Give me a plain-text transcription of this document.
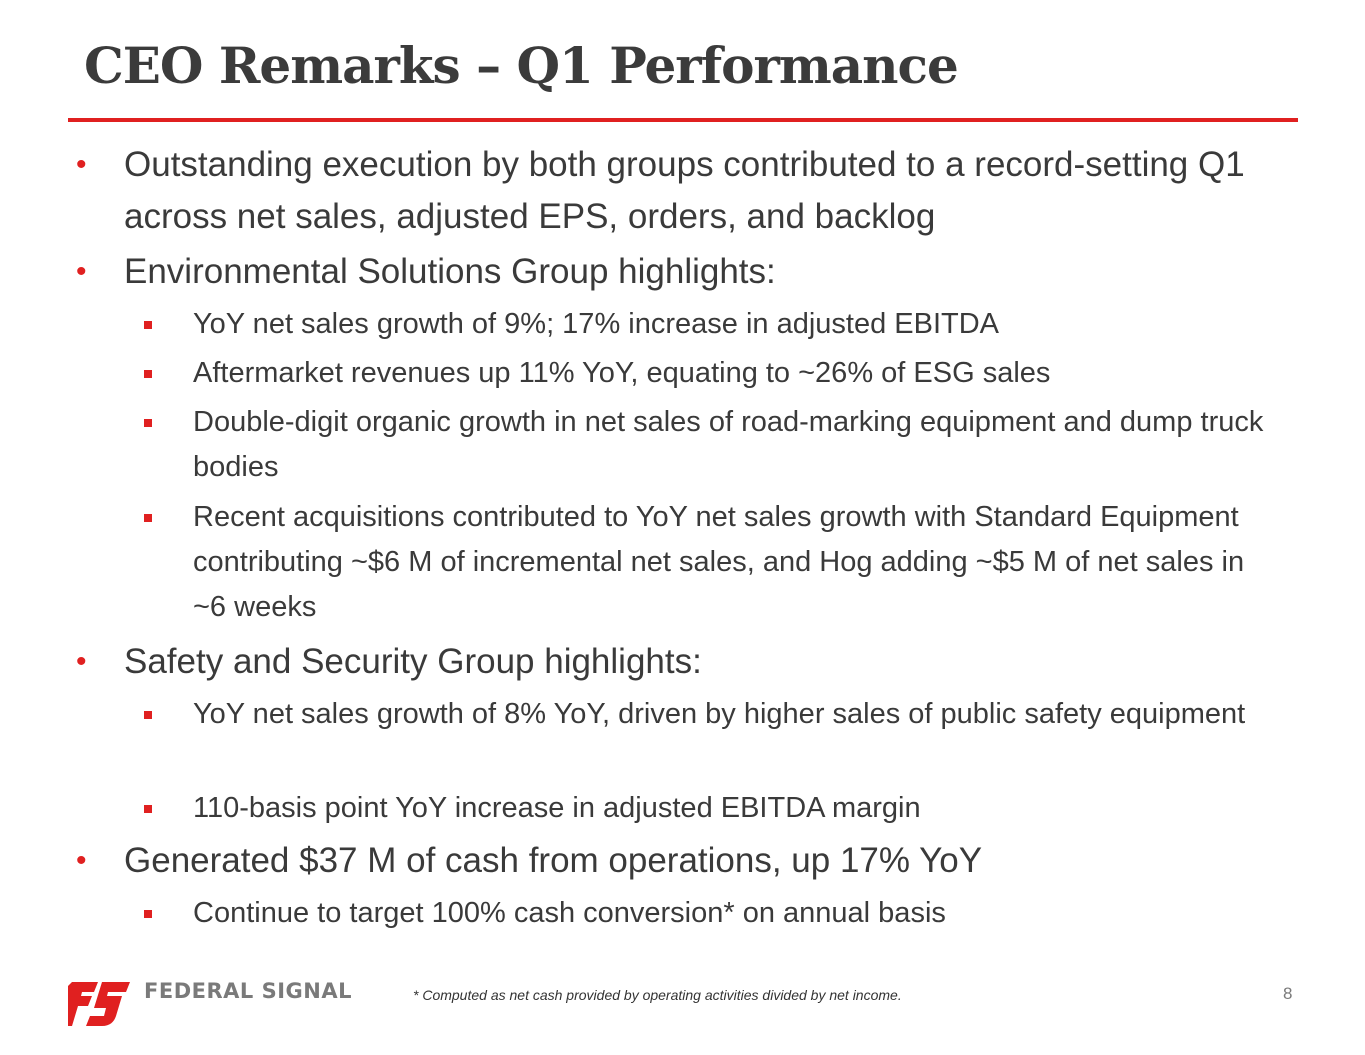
CEO Remarks – Q1 Performance
• Outstanding execution by both groups contributed to a record-setting Q1 across net sales, adjusted EPS, orders, and backlog
• Environmental Solutions Group highlights:
YoY net sales growth of 9%; 17% increase in adjusted EBITDA
Aftermarket revenues up 11% YoY, equating to ~26% of ESG sales
Double-digit organic growth in net sales of road-marking equipment and dump truck bodies
Recent acquisitions contributed to YoY net sales growth with Standard Equipment contributing ~$6 M of incremental net sales, and Hog adding ~$5 M of net sales in ~6 weeks
• Safety and Security Group highlights:
YoY net sales growth of 8% YoY, driven by higher sales of public safety equipment
110-basis point YoY increase in adjusted EBITDA margin
• Generated $37 M of cash from operations, up 17% YoY
Continue to target 100% cash conversion* on annual basis
FEDERAL SIGNAL	* Computed as net cash provided by operating activities divided by net income.	8
